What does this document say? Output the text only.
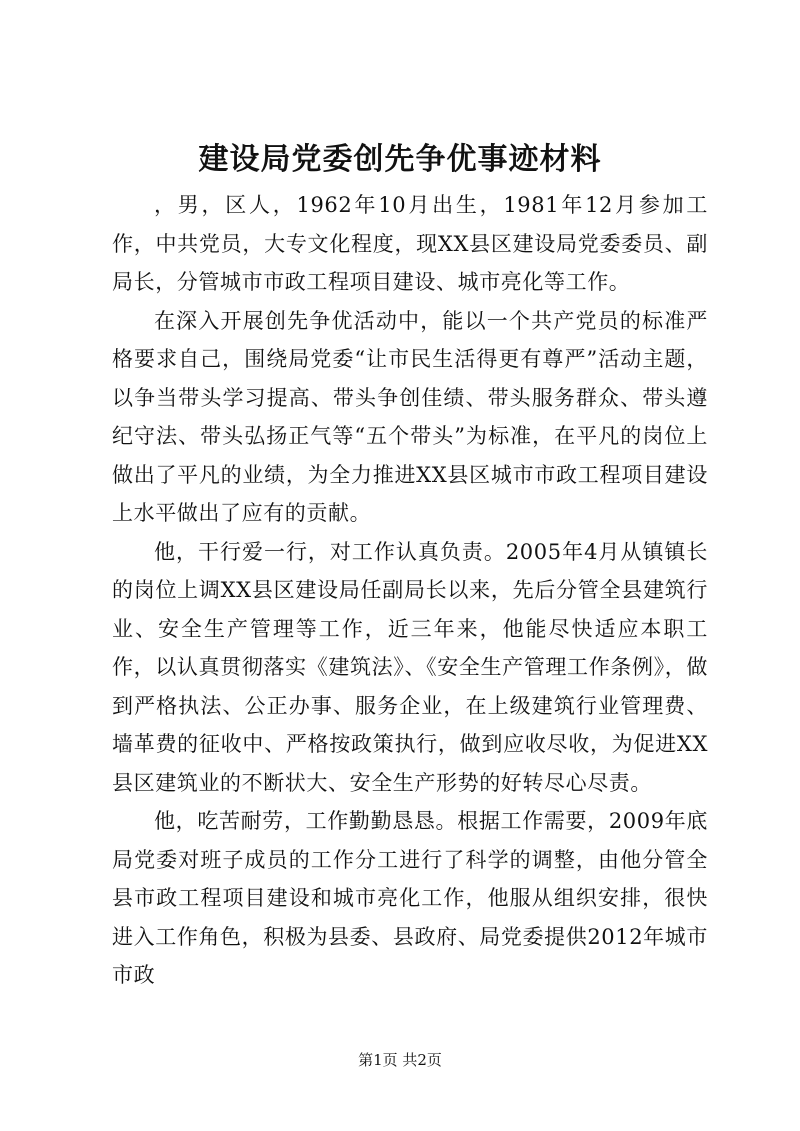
建设局党委创先争优事迹材料

，男，区人，1962年10月出生，1981年12月参加工作，中共党员，大专文化程度，现XX县区建设局党委委员、副局长，分管城市市政工程项目建设、城市亮化等工作。

在深入开展创先争优活动中，能以一个共产党员的标准严格要求自己，围绕局党委“让市民生活得更有尊严”活动主题，以争当带头学习提高、带头争创佳绩、带头服务群众、带头遵纪守法、带头弘扬正气等“五个带头”为标准，在平凡的岗位上做出了平凡的业绩，为全力推进XX县区城市市政工程项目建设上水平做出了应有的贡献。

他，干行爱一行，对工作认真负责。2005年4月从镇镇长的岗位上调XX县区建设局任副局长以来，先后分管全县建筑行业、安全生产管理等工作，近三年来，他能尽快适应本职工作，以认真贯彻落实《建筑法》、《安全生产管理工作条例》，做到严格执法、公正办事、服务企业，在上级建筑行业管理费、墙革费的征收中、严格按政策执行，做到应收尽收，为促进XX县区建筑业的不断状大、安全生产形势的好转尽心尽责。

他，吃苦耐劳，工作勤勤恳恳。根据工作需要，2009年底局党委对班子成员的工作分工进行了科学的调整，由他分管全县市政工程项目建设和城市亮化工作，他服从组织安排，很快进入工作角色，积极为县委、县政府、局党委提供2012年城市市政

第1页 共2页
